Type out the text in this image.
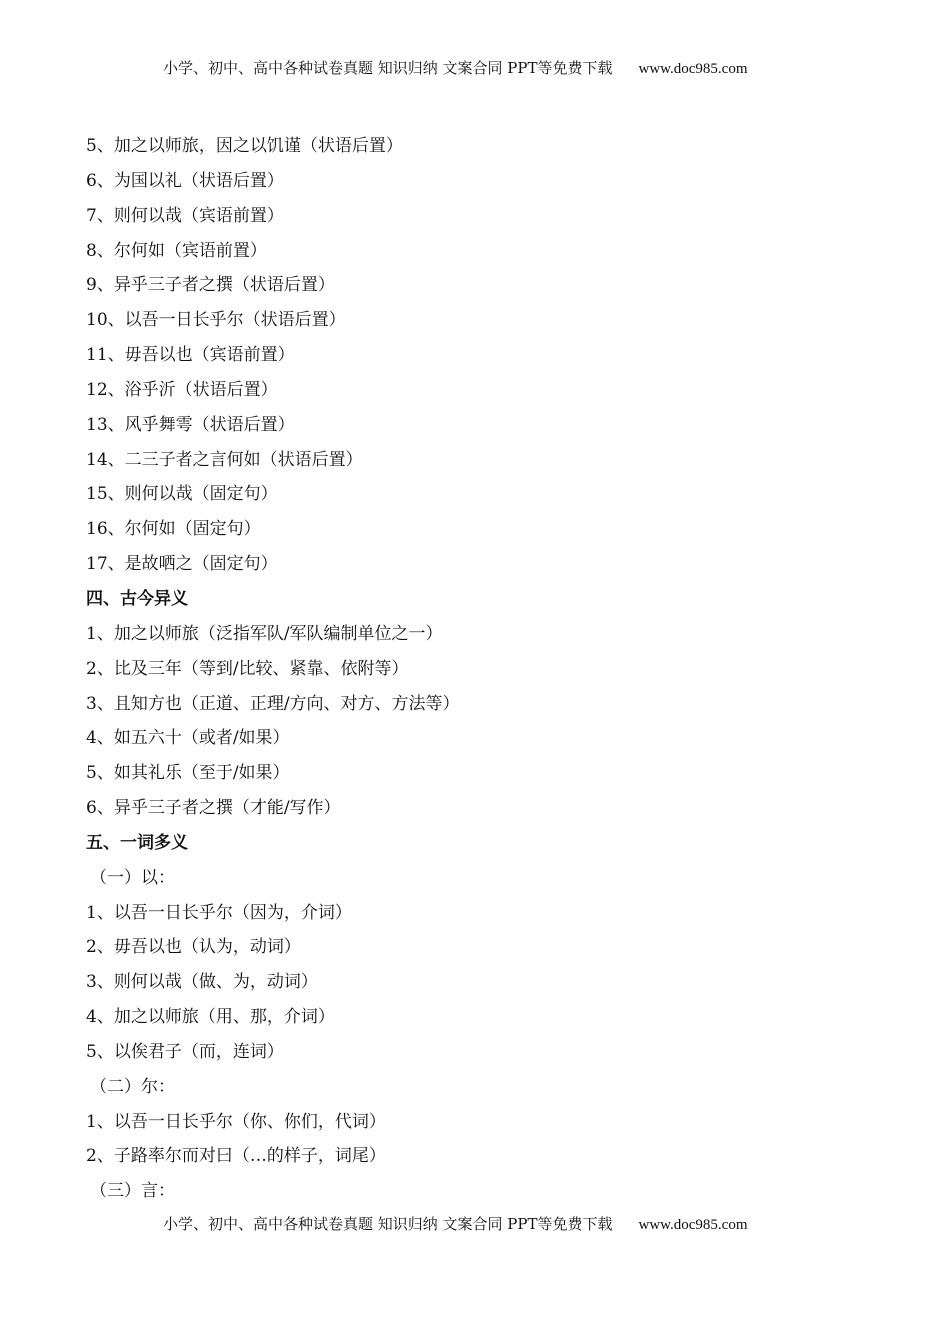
小学、初中、高中各种试卷真题 知识归纳 文案合同 PPT等免费下载 www.doc985.com
5、加之以师旅，因之以饥谨（状语后置）
6、为国以礼（状语后置）
7、则何以哉（宾语前置）
8、尔何如（宾语前置）
9、异乎三子者之撰（状语后置）
10、以吾一日长乎尔（状语后置）
11、毋吾以也（宾语前置）
12、浴乎沂（状语后置）
13、风乎舞雩（状语后置）
14、二三子者之言何如（状语后置）
15、则何以哉（固定句）
16、尔何如（固定句）
17、是故哂之（固定句）
四、古今异义
1、加之以师旅（泛指军队/军队编制单位之一）
2、比及三年（等到/比较、紧靠、依附等）
3、且知方也（正道、正理/方向、对方、方法等）
4、如五六十（或者/如果）
5、如其礼乐（至于/如果）
6、异乎三子者之撰（才能/写作）
五、一词多义
（一）以：
1、以吾一日长乎尔（因为，介词）
2、毋吾以也（认为，动词）
3、则何以哉（做、为，动词）
4、加之以师旅（用、那，介词）
5、以俟君子（而，连词）
（二）尔：
1、以吾一日长乎尔（你、你们，代词）
2、子路率尔而对曰（…的样子，词尾）
（三）言：
小学、初中、高中各种试卷真题 知识归纳 文案合同 PPT等免费下载 www.doc985.com
